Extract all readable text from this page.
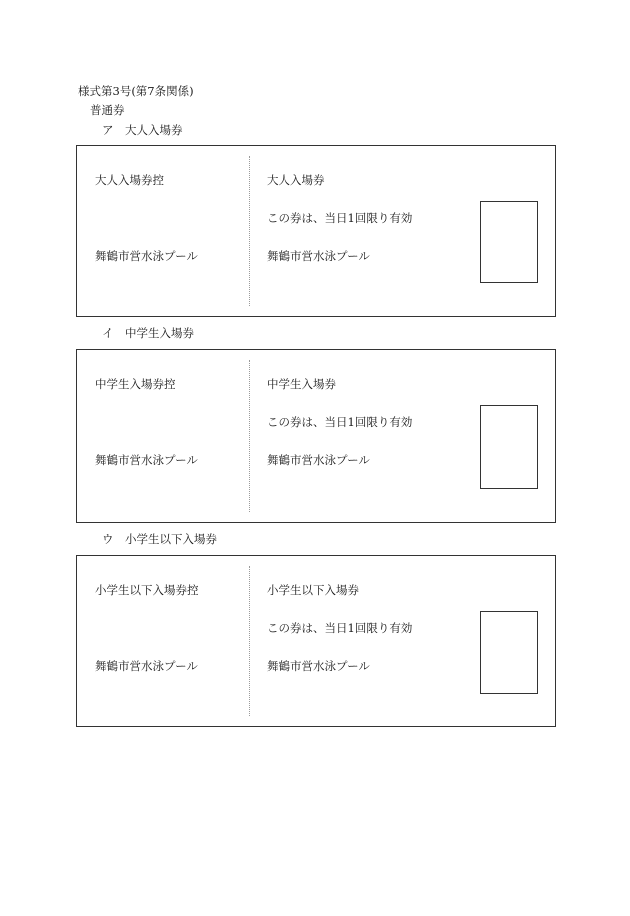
様式第3号(第7条関係)
普通券
ア　大人入場券
大人入場券控
舞鶴市営水泳プール
大人入場券
この券は、当日1回限り有効
舞鶴市営水泳プール
イ　中学生入場券
中学生入場券控
舞鶴市営水泳プール
中学生入場券
この券は、当日1回限り有効
舞鶴市営水泳プール
ウ　小学生以下入場券
小学生以下入場券控
舞鶴市営水泳プール
小学生以下入場券
この券は、当日1回限り有効
舞鶴市営水泳プール
